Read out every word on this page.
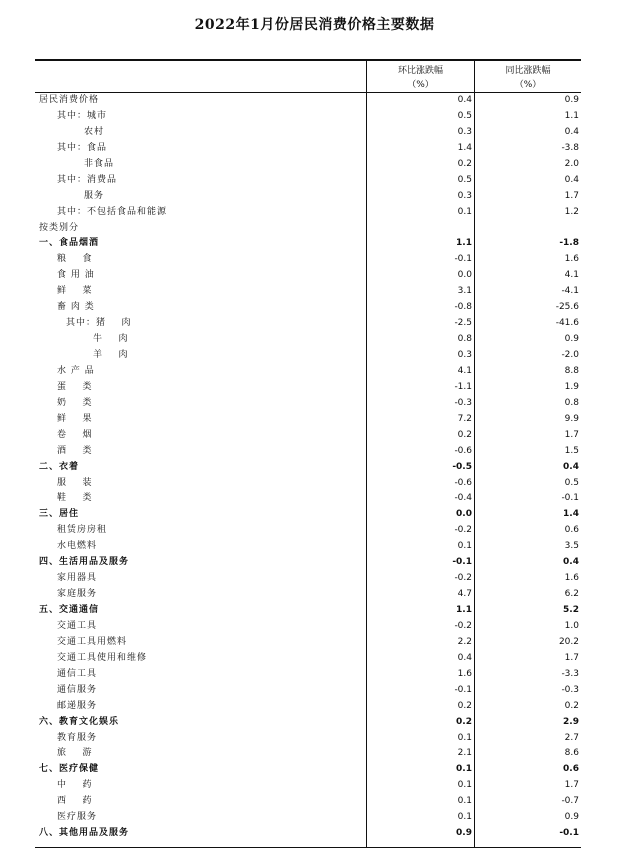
2022年1月份居民消费价格主要数据
环比涨跌幅
（%）
同比涨跌幅
（%）
居民消费价格	0.4	0.9
其中：城市	0.5	1.1
农村	0.3	0.4
其中：食品	1.4	-3.8
非食品	0.2	2.0
其中：消费品	0.5	0.4
服务	0.3	1.7
其中：不包括食品和能源	0.1	1.2
按类别分
一、食品烟酒	1.1	-1.8
粮    食	-0.1	1.6
食 用 油	0.0	4.1
鲜    菜	3.1	-4.1
畜 肉 类	-0.8	-25.6
其中：猪    肉	-2.5	-41.6
牛    肉	0.8	0.9
羊    肉	0.3	-2.0
水 产 品	4.1	8.8
蛋    类	-1.1	1.9
奶    类	-0.3	0.8
鲜    果	7.2	9.9
卷    烟	0.2	1.7
酒    类	-0.6	1.5
二、衣着	-0.5	0.4
服    装	-0.6	0.5
鞋    类	-0.4	-0.1
三、居住	0.0	1.4
租赁房房租	-0.2	0.6
水电燃料	0.1	3.5
四、生活用品及服务	-0.1	0.4
家用器具	-0.2	1.6
家庭服务	4.7	6.2
五、交通通信	1.1	5.2
交通工具	-0.2	1.0
交通工具用燃料	2.2	20.2
交通工具使用和维修	0.4	1.7
通信工具	1.6	-3.3
通信服务	-0.1	-0.3
邮递服务	0.2	0.2
六、教育文化娱乐	0.2	2.9
教育服务	0.1	2.7
旅    游	2.1	8.6
七、医疗保健	0.1	0.6
中    药	0.1	1.7
西    药	0.1	-0.7
医疗服务	0.1	0.9
八、其他用品及服务	0.9	-0.1
